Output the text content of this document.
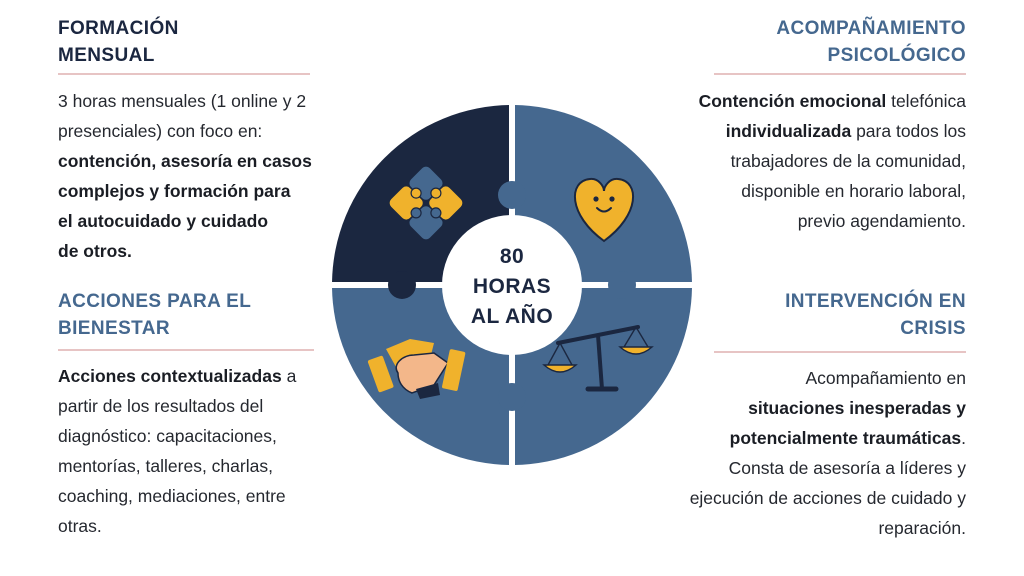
FORMACIÓN
MENSUAL
3 horas mensuales (1 online y 2
presenciales) con foco en:
contención, asesoría en casos
complejos y formación para
el autocuidado y cuidado
de otros.
ACOMPAÑAMIENTO
PSICOLÓGICO
Contención emocional telefónica
individualizada para todos los
trabajadores de la comunidad,
disponible en horario laboral,
previo agendamiento.
ACCIONES PARA EL
BIENESTAR
Acciones contextualizadas a
partir de los resultados del
diagnóstico: capacitaciones,
mentorías, talleres, charlas,
coaching, mediaciones, entre
otras.
INTERVENCIÓN EN
CRISIS
Acompañamiento en
situaciones inesperadas y
potencialmente traumáticas.
Consta de asesoría a líderes y
ejecución de acciones de cuidado y
reparación.
80
HORAS
AL AÑO
